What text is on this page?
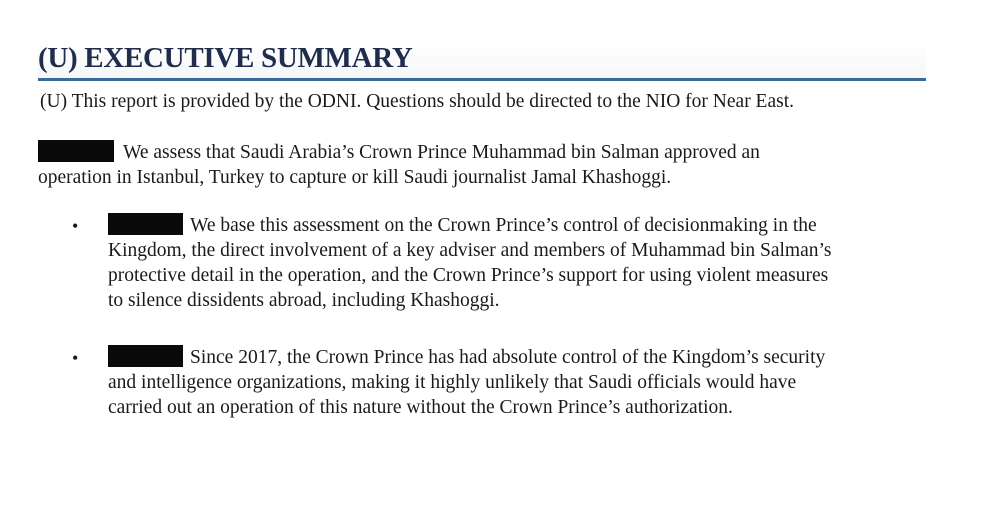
(U) EXECUTIVE SUMMARY
(U) This report is provided by the ODNI. Questions should be directed to the NIO for Near East.
We assess that Saudi Arabia’s Crown Prince Muhammad bin Salman approved an
operation in Istanbul, Turkey to capture or kill Saudi journalist Jamal Khashoggi.
•	We base this assessment on the Crown Prince’s control of decisionmaking in the
Kingdom, the direct involvement of a key adviser and members of Muhammad bin Salman’s
protective detail in the operation, and the Crown Prince’s support for using violent measures
to silence dissidents abroad, including Khashoggi.
•	Since 2017, the Crown Prince has had absolute control of the Kingdom’s security
and intelligence organizations, making it highly unlikely that Saudi officials would have
carried out an operation of this nature without the Crown Prince’s authorization.
